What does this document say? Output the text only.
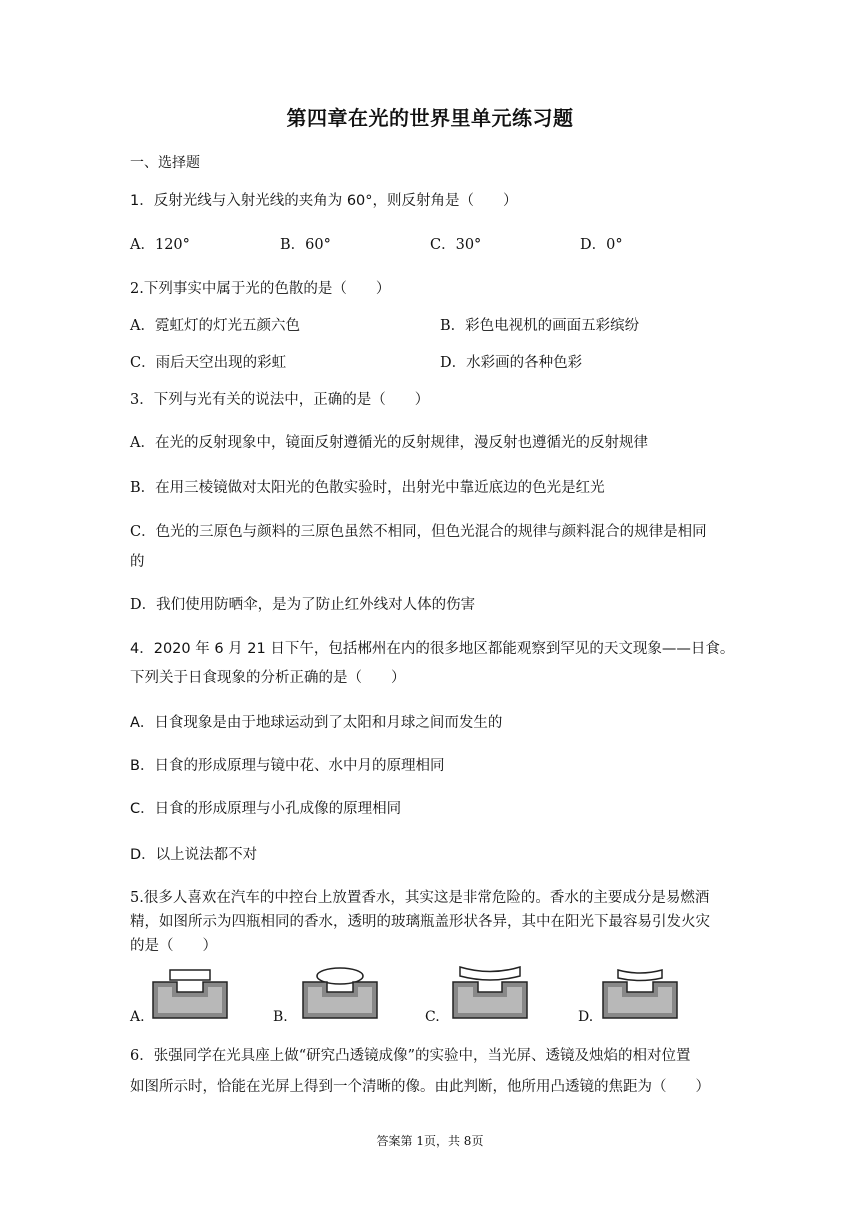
第四章在光的世界里单元练习题
一、选择题
1．反射光线与入射光线的夹角为 60°，则反射角是（　　）
A．120°	B．60°	C．30°	D．0°
2.下列事实中属于光的色散的是（　　）
A．霓虹灯的灯光五颜六色	B．彩色电视机的画面五彩缤纷
C．雨后天空出现的彩虹	D．水彩画的各种色彩
3．下列与光有关的说法中，正确的是（　　）
A．在光的反射现象中，镜面反射遵循光的反射规律，漫反射也遵循光的反射规律
B．在用三棱镜做对太阳光的色散实验时，出射光中靠近底边的色光是红光
C．色光的三原色与颜料的三原色虽然不相同，但色光混合的规律与颜料混合的规律是相同
的
D．我们使用防晒伞，是为了防止红外线对人体的伤害
4．2020 年 6 月 21 日下午，包括郴州在内的很多地区都能观察到罕见的天文现象——日食。
下列关于日食现象的分析正确的是（　　）
A．日食现象是由于地球运动到了太阳和月球之间而发生的
B．日食的形成原理与镜中花、水中月的原理相同
C．日食的形成原理与小孔成像的原理相同
D．以上说法都不对
5.很多人喜欢在汽车的中控台上放置香水，其实这是非常危险的。香水的主要成分是易燃酒
精，如图所示为四瓶相同的香水，透明的玻璃瓶盖形状各异，其中在阳光下最容易引发火灾
的是（　　）
A.	B.	C.	D.
6．张强同学在光具座上做“研究凸透镜成像”的实验中，当光屏、透镜及烛焰的相对位置
如图所示时，恰能在光屏上得到一个清晰的像。由此判断，他所用凸透镜的焦距为（　　）
答案第 1页，共 8页
